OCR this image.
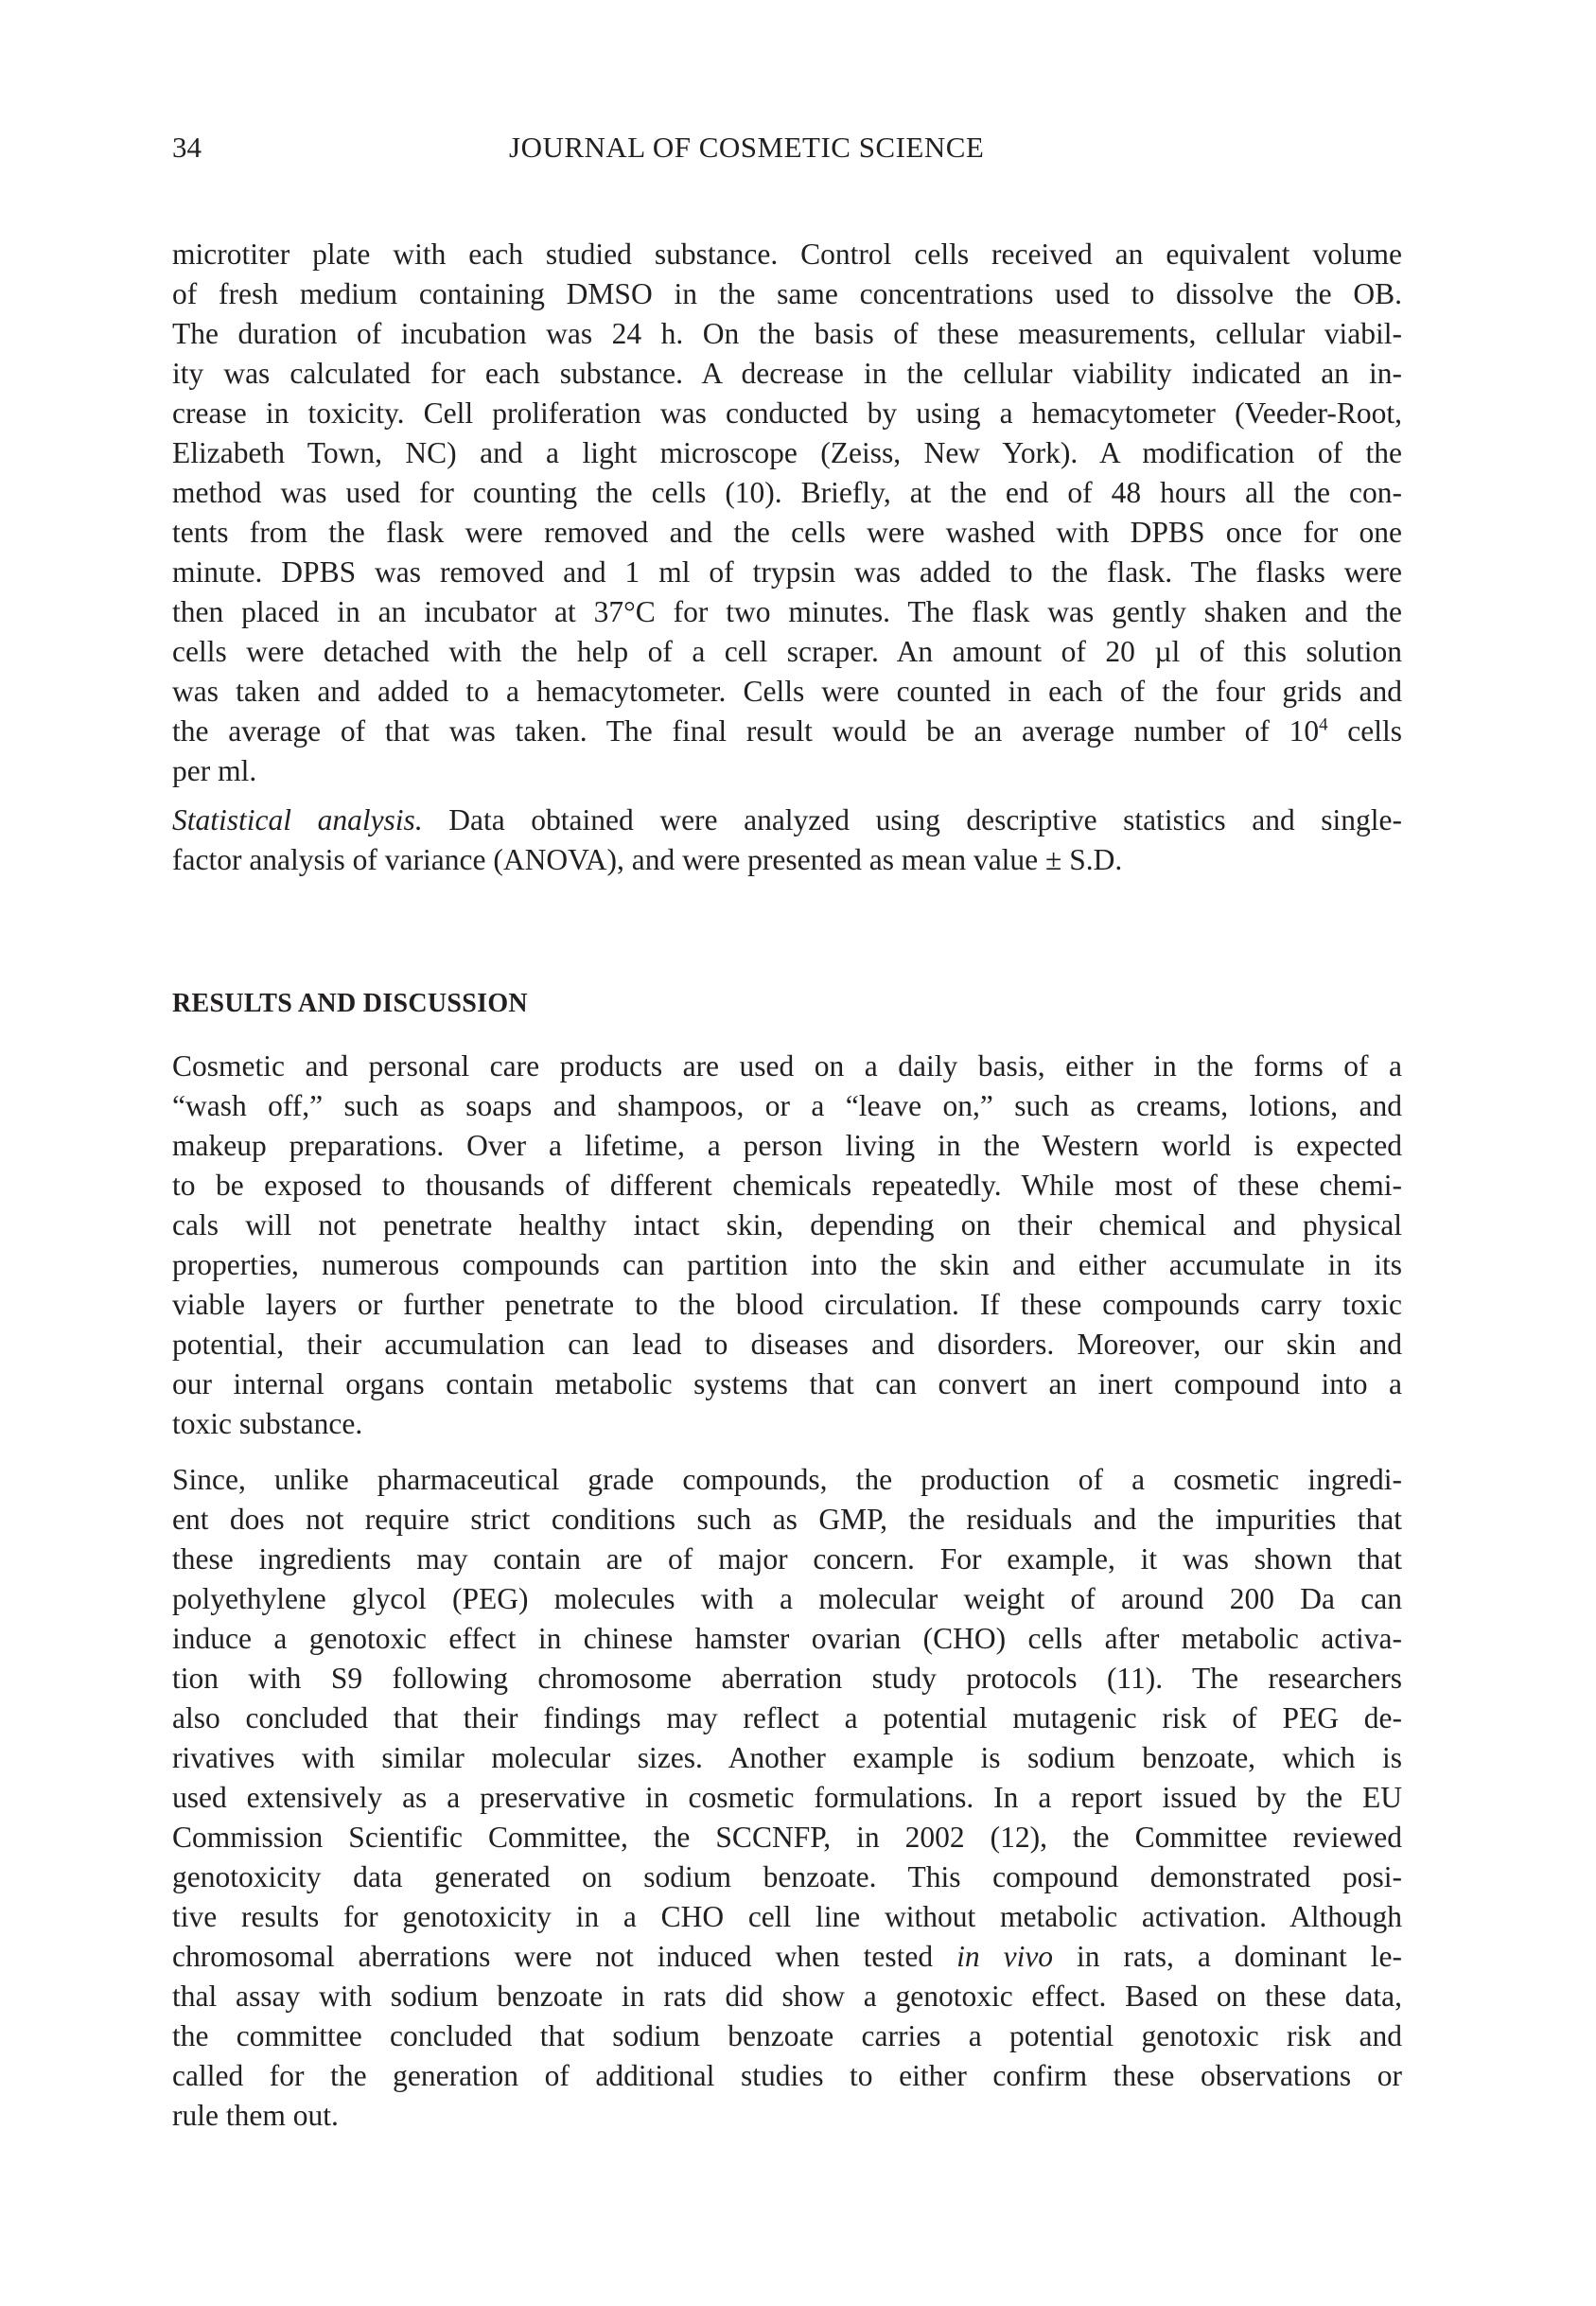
34	JOURNAL OF COSMETIC SCIENCE
microtiter plate with each studied substance. Control cells received an equivalent volume
of fresh medium containing DMSO in the same concentrations used to dissolve the OB.
The duration of incubation was 24 h. On the basis of these measurements, cellular viabil-
ity was calculated for each substance. A decrease in the cellular viability indicated an in-
crease in toxicity. Cell proliferation was conducted by using a hemacytometer (Veeder-Root,
Elizabeth Town, NC) and a light microscope (Zeiss, New York). A modification of the
method was used for counting the cells (10). Briefly, at the end of 48 hours all the con-
tents from the flask were removed and the cells were washed with DPBS once for one
minute. DPBS was removed and 1 ml of trypsin was added to the flask. The flasks were
then placed in an incubator at 37°C for two minutes. The flask was gently shaken and the
cells were detached with the help of a cell scraper. An amount of 20 µl of this solution
was taken and added to a hemacytometer. Cells were counted in each of the four grids and
the average of that was taken. The final result would be an average number of $10^4$ cells
per ml.
Statistical analysis. Data obtained were analyzed using descriptive statistics and single-
factor analysis of variance (ANOVA), and were presented as mean value ± S.D.
RESULTS AND DISCUSSION
Cosmetic and personal care products are used on a daily basis, either in the forms of a
“wash off,” such as soaps and shampoos, or a “leave on,” such as creams, lotions, and
makeup preparations. Over a lifetime, a person living in the Western world is expected
to be exposed to thousands of different chemicals repeatedly. While most of these chemi-
cals will not penetrate healthy intact skin, depending on their chemical and physical
properties, numerous compounds can partition into the skin and either accumulate in its
viable layers or further penetrate to the blood circulation. If these compounds carry toxic
potential, their accumulation can lead to diseases and disorders. Moreover, our skin and
our internal organs contain metabolic systems that can convert an inert compound into a
toxic substance.
Since, unlike pharmaceutical grade compounds, the production of a cosmetic ingredi-
ent does not require strict conditions such as GMP, the residuals and the impurities that
these ingredients may contain are of major concern. For example, it was shown that
polyethylene glycol (PEG) molecules with a molecular weight of around 200 Da can
induce a genotoxic effect in chinese hamster ovarian (CHO) cells after metabolic activa-
tion with S9 following chromosome aberration study protocols (11). The researchers
also concluded that their findings may reflect a potential mutagenic risk of PEG de-
rivatives with similar molecular sizes. Another example is sodium benzoate, which is
used extensively as a preservative in cosmetic formulations. In a report issued by the EU
Commission Scientific Committee, the SCCNFP, in 2002 (12), the Committee reviewed
genotoxicity data generated on sodium benzoate. This compound demonstrated posi-
tive results for genotoxicity in a CHO cell line without metabolic activation. Although
chromosomal aberrations were not induced when tested in vivo in rats, a dominant le-
thal assay with sodium benzoate in rats did show a genotoxic effect. Based on these data,
the committee concluded that sodium benzoate carries a potential genotoxic risk and
called for the generation of additional studies to either confirm these observations or
rule them out.
